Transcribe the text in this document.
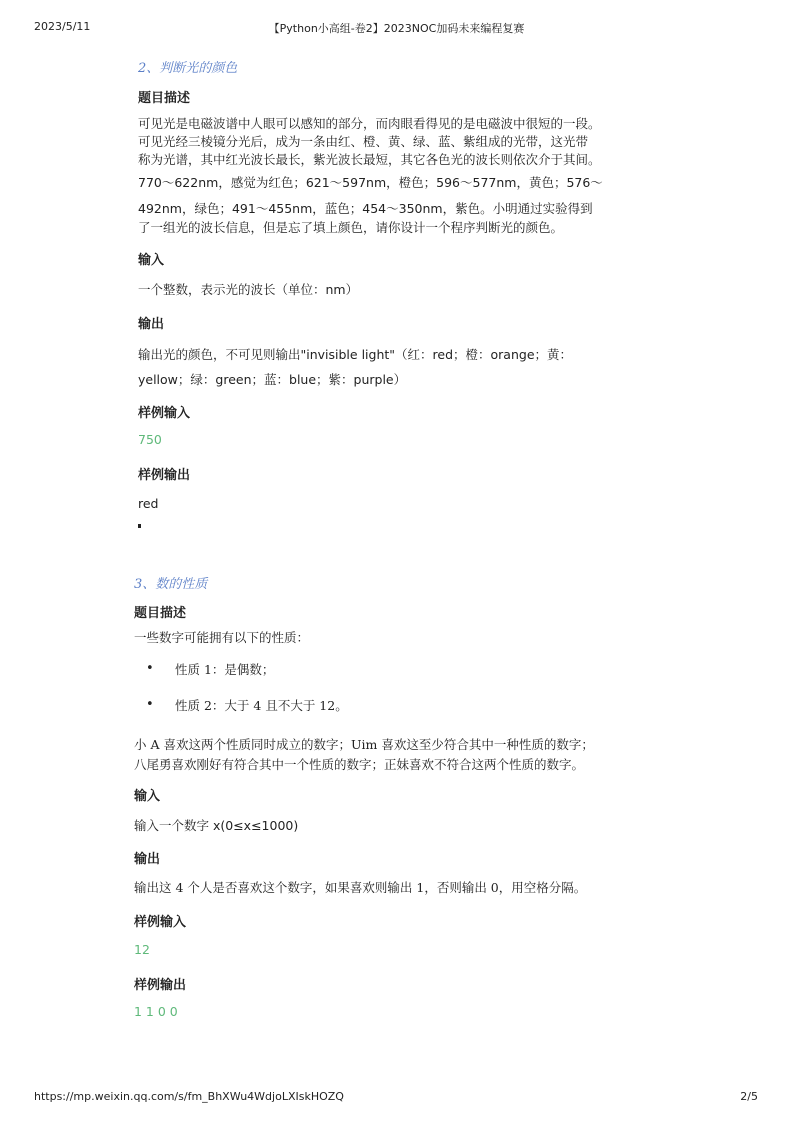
2023/5/11	【Python小高组-卷2】2023NOC加码未来编程复赛
2、判断光的颜色
题目描述
可见光是电磁波谱中人眼可以感知的部分，而肉眼看得见的是电磁波中很短的一段。
可见光经三棱镜分光后，成为一条由红、橙、黄、绿、蓝、紫组成的光带，这光带
称为光谱，其中红光波长最长，紫光波长最短，其它各色光的波长则依次介于其间。
770～622nm，感觉为红色；621～597nm，橙色；596～577nm，黄色；576～
492nm，绿色；491～455nm，蓝色；454～350nm，紫色。小明通过实验得到
了一组光的波长信息，但是忘了填上颜色，请你设计一个程序判断光的颜色。
输入
一个整数，表示光的波长（单位：nm）
输出
输出光的颜色，不可见则输出"invisible light"（红：red；橙：orange；黄：
yellow；绿：green；蓝：blue；紫：purple）
样例输入
750
样例输出
red
3、数的性质
题目描述
一些数字可能拥有以下的性质：
• 性质 1：是偶数；
• 性质 2：大于 4 且不大于 12。
小 A 喜欢这两个性质同时成立的数字；Uim 喜欢这至少符合其中一种性质的数字；
八尾勇喜欢刚好有符合其中一个性质的数字；正妹喜欢不符合这两个性质的数字。
输入
输入一个数字 x(0≤x≤1000)
输出
输出这 4 个人是否喜欢这个数字，如果喜欢则输出 1，否则输出 0，用空格分隔。
样例输入
12
样例输出
1 1 0 0
https://mp.weixin.qq.com/s/fm_BhXWu4WdjoLXIskHOZQ	2/5
